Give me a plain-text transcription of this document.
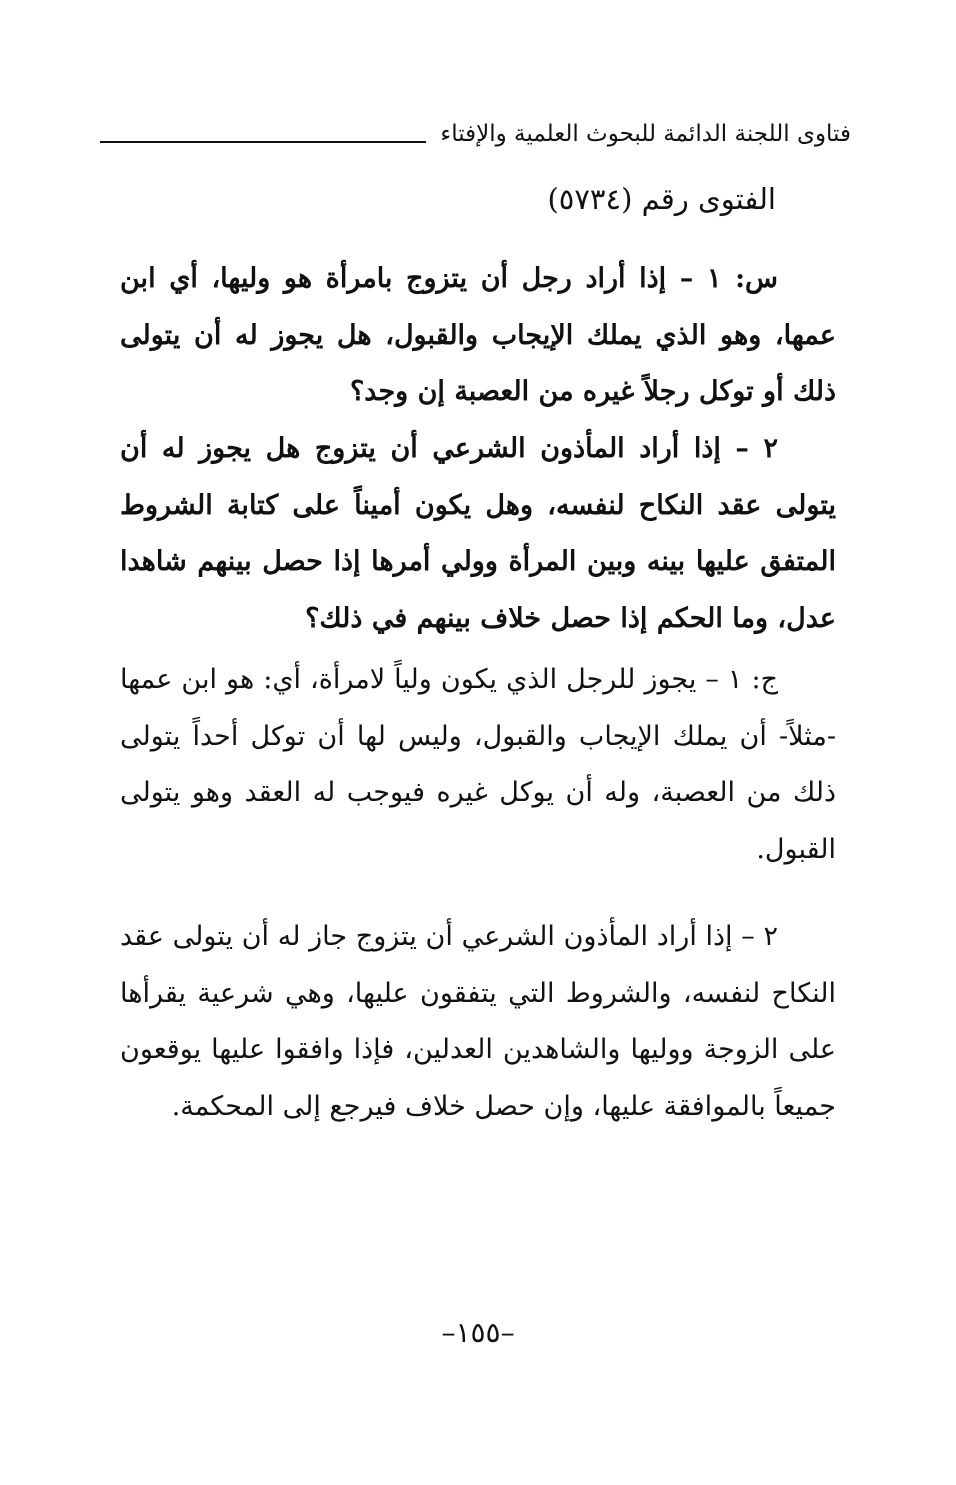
فتاوى اللجنة الدائمة للبحوث العلمية والإفتاء
الفتوى رقم (٥٧٣٤)
س: ١ – إذا أراد رجل أن يتزوج بامرأة هو وليها، أي ابن عمها، وهو الذي يملك الإيجاب والقبول، هل يجوز له أن يتولى ذلك أو توكل رجلاً غيره من العصبة إن وجد؟
٢ – إذا أراد المأذون الشرعي أن يتزوج هل يجوز له أن يتولى عقد النكاح لنفسه، وهل يكون أميناً على كتابة الشروط المتفق عليها بينه وبين المرأة وولي أمرها إذا حصل بينهم شاهدا عدل، وما الحكم إذا حصل خلاف بينهم في ذلك؟
ج: ١ – يجوز للرجل الذي يكون ولياً لامرأة، أي: هو ابن عمها -مثلاً- أن يملك الإيجاب والقبول، وليس لها أن توكل أحداً يتولى ذلك من العصبة، وله أن يوكل غيره فيوجب له العقد وهو يتولى القبول.
٢ – إذا أراد المأذون الشرعي أن يتزوج جاز له أن يتولى عقد النكاح لنفسه، والشروط التي يتفقون عليها، وهي شرعية يقرأها على الزوجة ووليها والشاهدين العدلين، فإذا وافقوا عليها يوقعون جميعاً بالموافقة عليها، وإن حصل خلاف فيرجع إلى المحكمة.
–١٥٥–
